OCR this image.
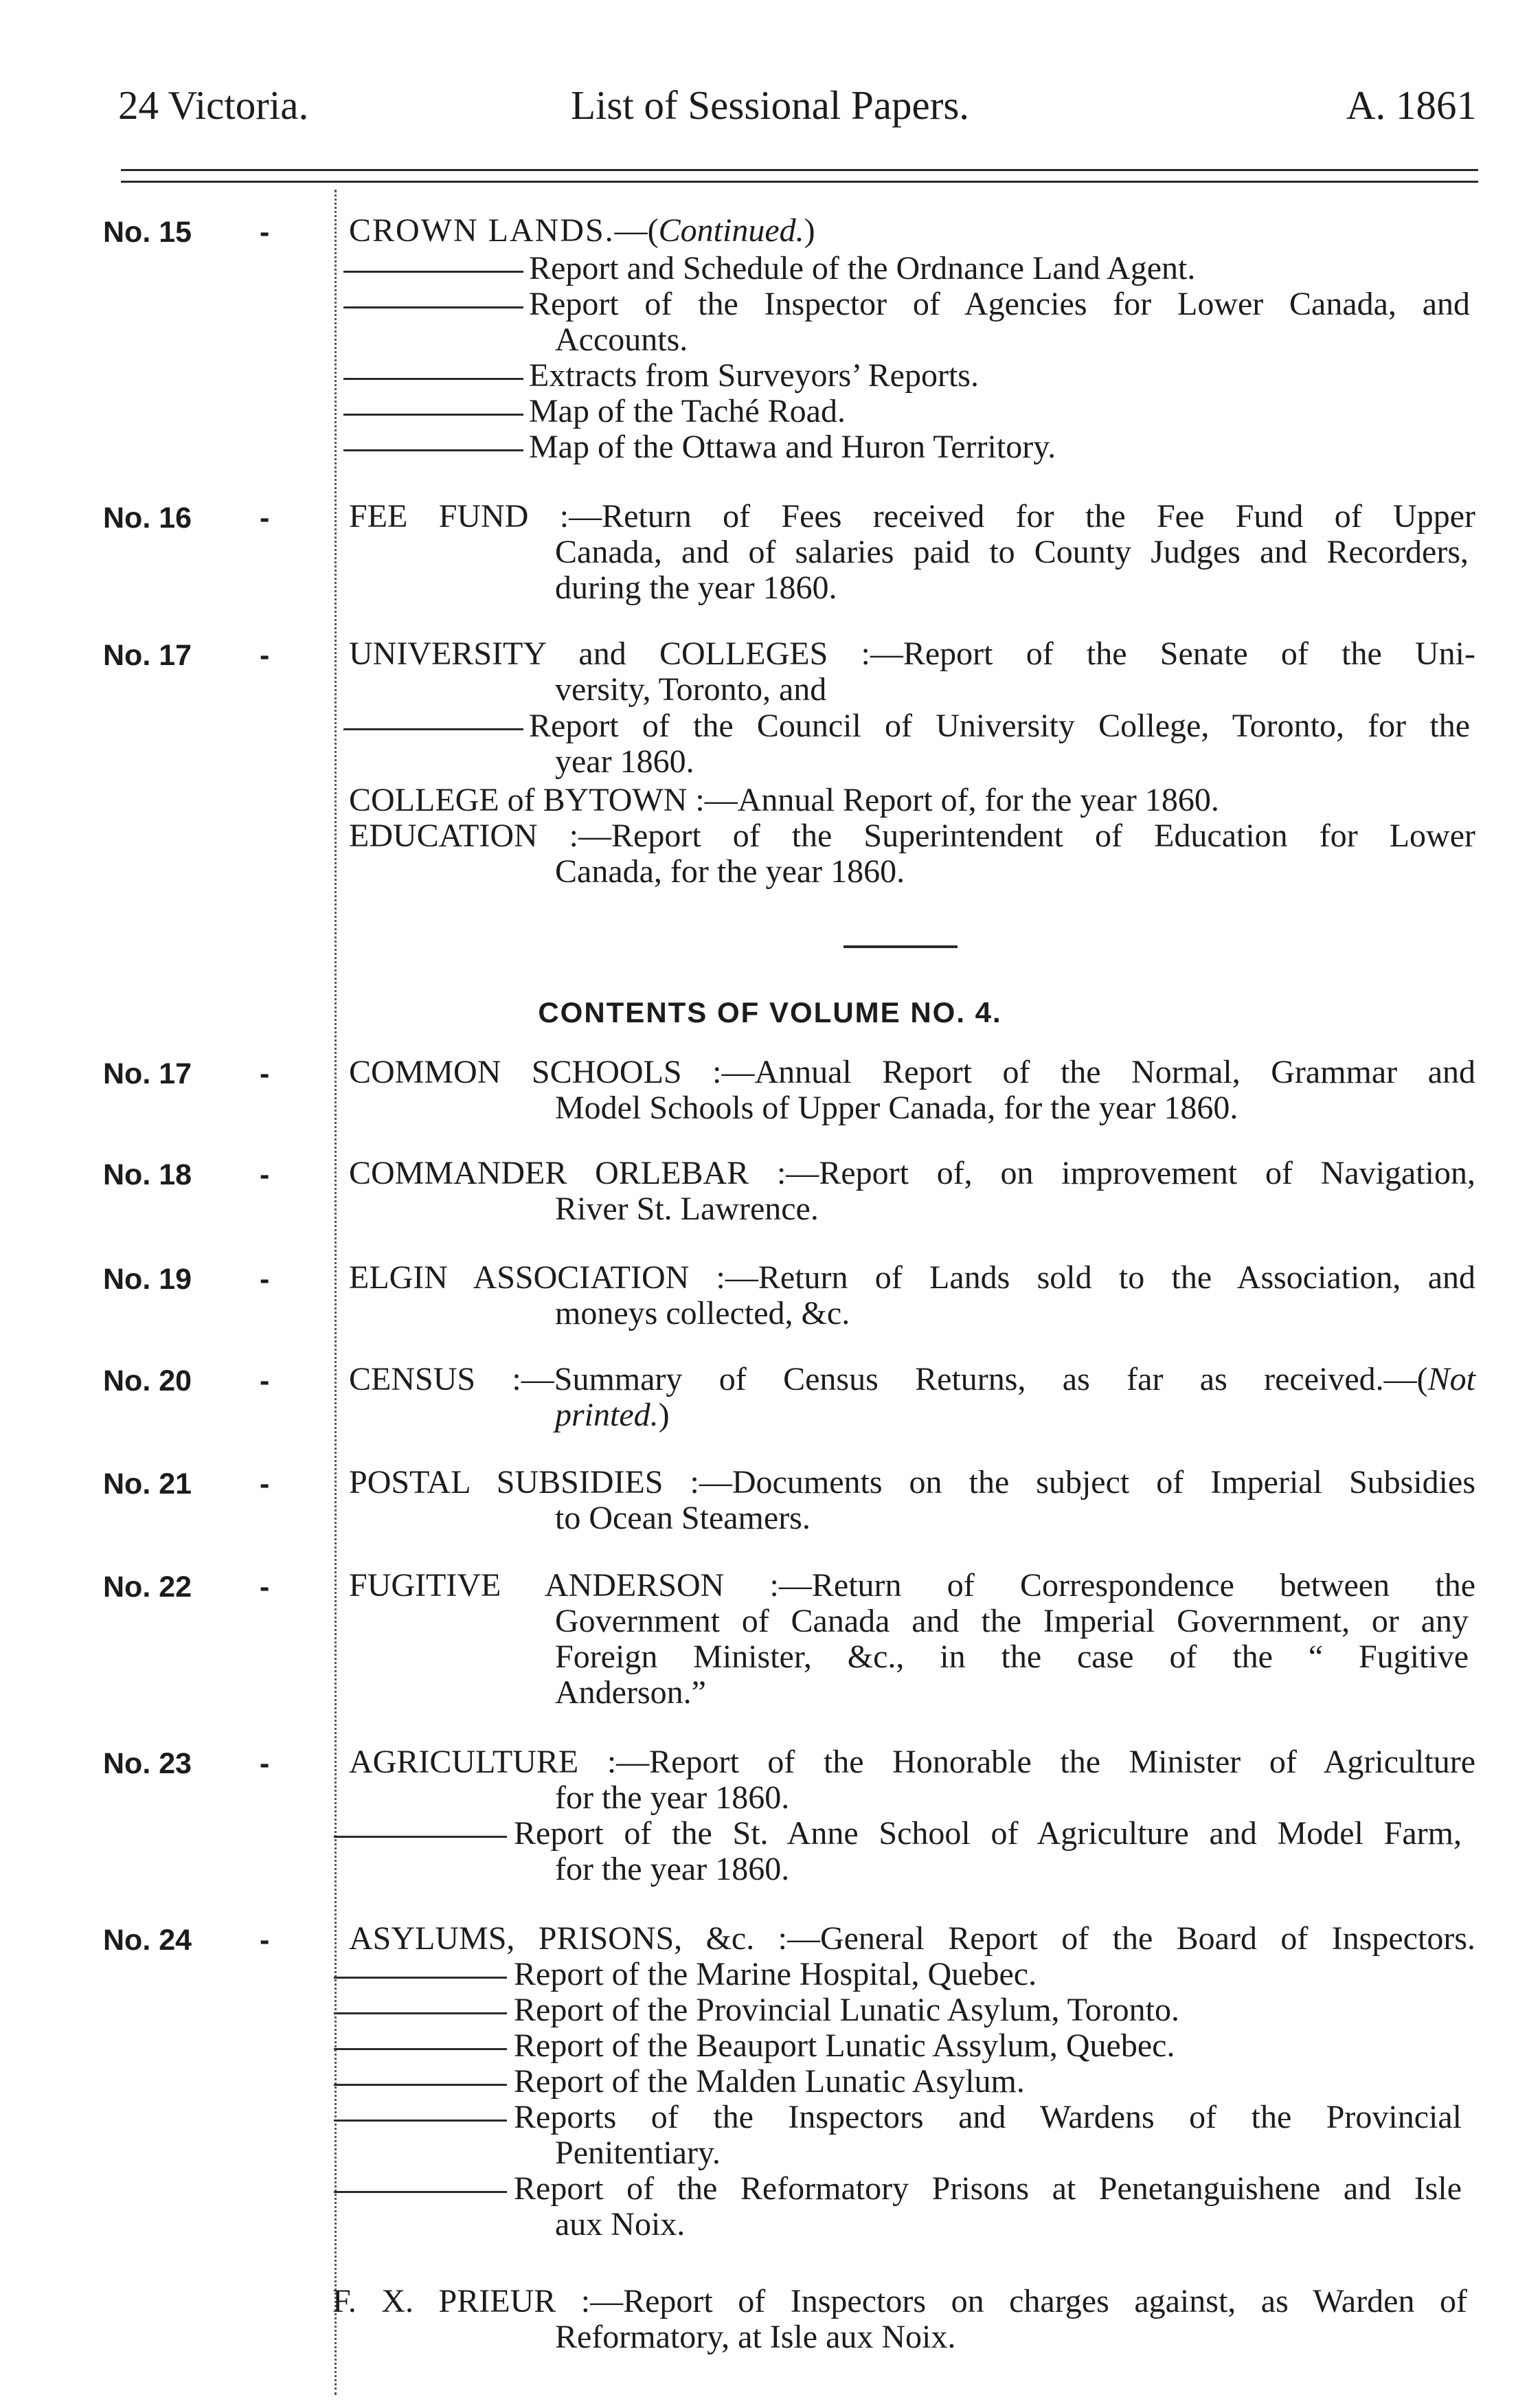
24 Victoria.	List of Sessional Papers.	A. 1861
No. 15	- CROWN LANDS.—(Continued.)
Report and Schedule of the Ordnance Land Agent.
Report of the Inspector of Agencies for Lower Canada, and
Accounts.
Extracts from Surveyors’ Reports.
Map of the Taché Road.
Map of the Ottawa and Huron Territory.
No. 16	- FEE FUND :—Return of Fees received for the Fee Fund of Upper
Canada, and of salaries paid to County Judges and Recorders,
during the year 1860.
No. 17	- UNIVERSITY and COLLEGES :—Report of the Senate of the Uni-
versity, Toronto, and
Report of the Council of University College, Toronto, for the
year 1860.
COLLEGE of BYTOWN :—Annual Report of, for the year 1860.
EDUCATION :—Report of the Superintendent of Education for Lower
Canada, for the year 1860.
CONTENTS OF VOLUME NO. 4.
No. 17	- COMMON SCHOOLS :—Annual Report of the Normal, Grammar and
Model Schools of Upper Canada, for the year 1860.
No. 18	- COMMANDER ORLEBAR :—Report of, on improvement of Navigation,
River St. Lawrence.
No. 19	- ELGIN ASSOCIATION :—Return of Lands sold to the Association, and
moneys collected, &c.
No. 20	- CENSUS :—Summary of Census Returns, as far as received.—(Not
printed.)
No. 21	- POSTAL SUBSIDIES :—Documents on the subject of Imperial Subsidies
to Ocean Steamers.
No. 22	- FUGITIVE ANDERSON :—Return of Correspondence between the
Government of Canada and the Imperial Government, or any
Foreign Minister, &c., in the case of the “ Fugitive
Anderson.”
No. 23	- AGRICULTURE :—Report of the Honorable the Minister of Agriculture
for the year 1860.
Report of the St. Anne School of Agriculture and Model Farm,
for the year 1860.
No. 24	- ASYLUMS, PRISONS, &c. :—General Report of the Board of Inspectors.
Report of the Marine Hospital, Quebec.
Report of the Provincial Lunatic Asylum, Toronto.
Report of the Beauport Lunatic Assylum, Quebec.
Report of the Malden Lunatic Asylum.
Reports of the Inspectors and Wardens of the Provincial
Penitentiary.
Report of the Reformatory Prisons at Penetanguishene and Isle
aux Noix.
F. X. PRIEUR :—Report of Inspectors on charges against, as Warden of
Reformatory, at Isle aux Noix.
